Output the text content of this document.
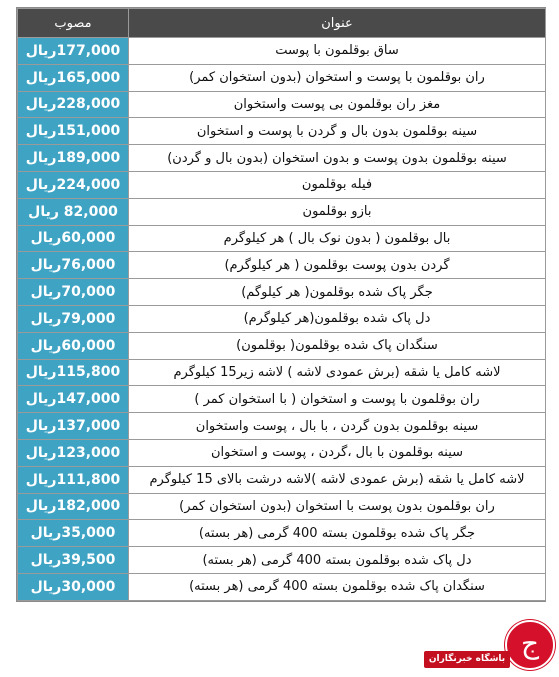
عنوان	مصوب
ساق بوقلمون با پوست	177,000ریال
ران بوقلمون با پوست و استخوان (بدون استخوان کمر)	165,000ریال
مغز ران بوقلمون بی پوست واستخوان	228,000ریال
سینه بوقلمون بدون بال و گردن با پوست و استخوان	151,000ریال
سینه بوقلمون بدون پوست و بدون استخوان (بدون بال و گردن)	189,000ریال
فیله بوقلمون	224,000ریال
بازو بوقلمون	82,000 ریال
بال بوقلمون ( بدون نوک بال ) هر کیلوگرم	60,000ریال
گردن بدون پوست بوقلمون ( هر کیلوگرم)	76,000ریال
جگر پاک شده بوقلمون( هر کیلوگم)	70,000ریال
دل پاک شده بوقلمون(هر کیلوگرم)	79,000ریال
سنگدان پاک شده بوقلمون( بوقلمون)	60,000ریال
لاشه کامل یا شقه (برش عمودی لاشه ) لاشه زیر15 کیلوگرم	115,800ریال
ران بوقلمون با پوست و استخوان ( با استخوان کمر )	147,000ریال
سینه بوقلمون بدون گردن ، با بال ، پوست واستخوان	137,000ریال
سینه بوقلمون با بال ،گردن ، پوست و استخوان	123,000ریال
لاشه کامل یا شقه (برش عمودی لاشه )لاشه درشت بالای 15 کیلوگرم	111,800ریال
ران بوقلمون بدون پوست با استخوان (بدون استخوان کمر)	182,000ریال
جگر پاک شده بوقلمون بسته 400 گرمی (هر بسته)	35,000ریال
دل پاک شده بوقلمون بسته 400 گرمی (هر بسته)	39,500ریال
سنگدان پاک شده بوقلمون بسته 400 گرمی (هر بسته)	30,000ریال
ج
باشگاه خبرنگاران
